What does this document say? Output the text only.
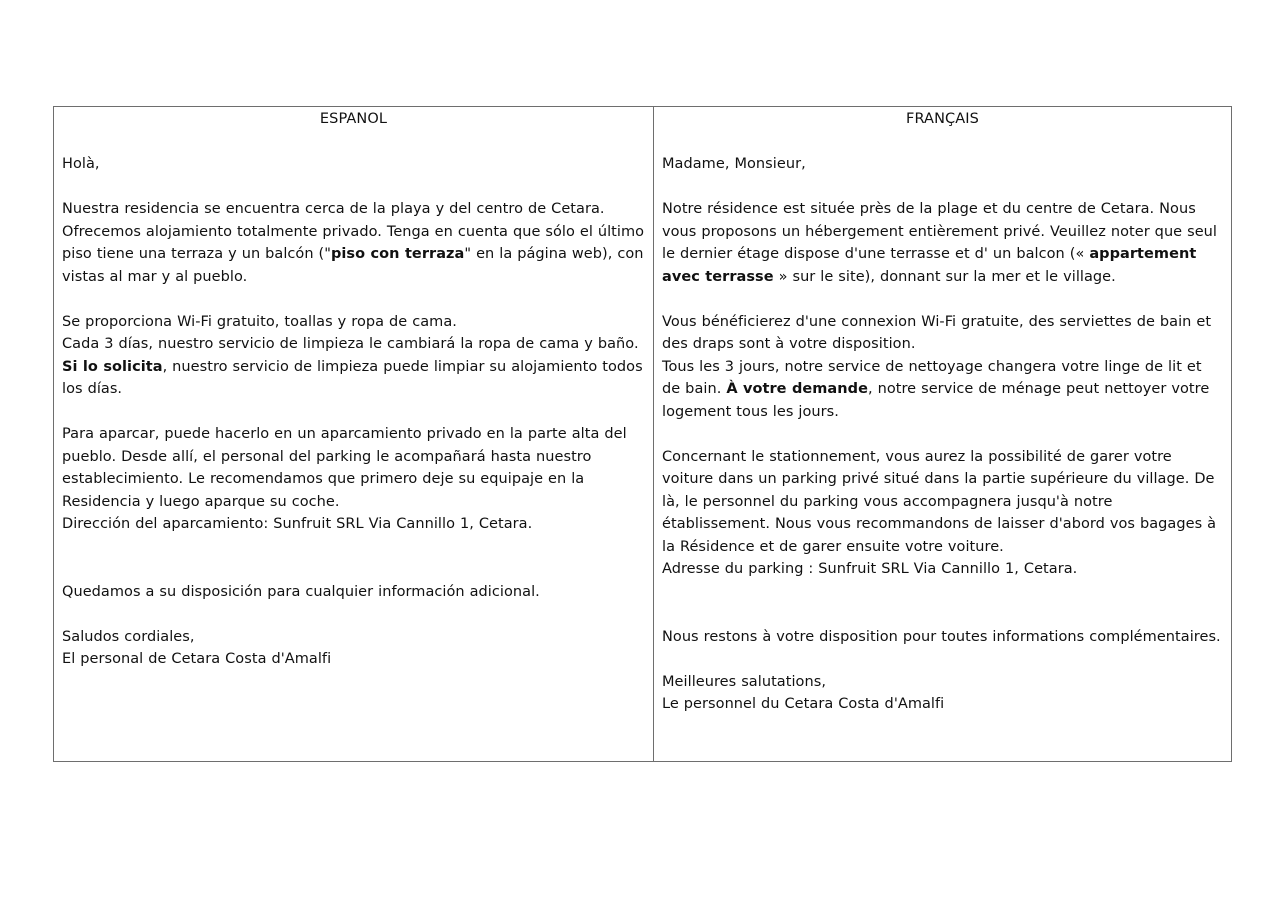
ESPANOL

Holà,

Nuestra residencia se encuentra cerca de la playa y del centro de Cetara. Ofrecemos alojamiento totalmente privado. Tenga en cuenta que sólo el último piso tiene una terraza y un balcón ("piso con terraza" en la página web), con vistas al mar y al pueblo.

Se proporciona Wi-Fi gratuito, toallas y ropa de cama.

Cada 3 días, nuestro servicio de limpieza le cambiará la ropa de cama y baño. Si lo solicita, nuestro servicio de limpieza puede limpiar su alojamiento todos los días.

Para aparcar, puede hacerlo en un aparcamiento privado en la parte alta del pueblo. Desde allí, el personal del parking le acompañará hasta nuestro establecimiento. Le recomendamos que primero deje su equipaje en la Residencia y luego aparque su coche.

Dirección del aparcamiento: Sunfruit SRL Via Cannillo 1, Cetara.

Quedamos a su disposición para cualquier información adicional.

Saludos cordiales,

El personal de Cetara Costa d'Amalfi

FRANÇAIS

Madame, Monsieur,

Notre résidence est située près de la plage et du centre de Cetara. Nous vous proposons un hébergement entièrement privé. Veuillez noter que seul le dernier étage dispose d'une terrasse et d' un balcon (« appartement avec terrasse » sur le site), donnant sur la mer et le village.

Vous bénéficierez d'une connexion Wi-Fi gratuite, des serviettes de bain et des draps sont à votre disposition.

Tous les 3 jours, notre service de nettoyage changera votre linge de lit et de bain. À votre demande, notre service de ménage peut nettoyer votre logement tous les jours.

Concernant le stationnement, vous aurez la possibilité de garer votre voiture dans un parking privé situé dans la partie supérieure du village. De là, le personnel du parking vous accompagnera jusqu'à notre établissement. Nous vous recommandons de laisser d'abord vos bagages à la Résidence et de garer ensuite votre voiture.

Adresse du parking : Sunfruit SRL Via Cannillo 1, Cetara.

Nous restons à votre disposition pour toutes informations complémentaires.

Meilleures salutations,

Le personnel du Cetara Costa d'Amalfi
